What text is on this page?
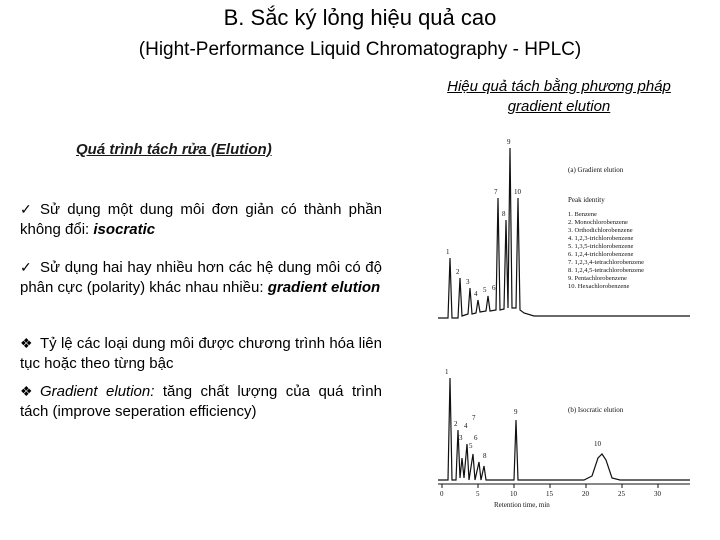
B. Sắc ký lỏng hiệu quả cao
(Hight-Performance Liquid Chromatography - HPLC)
Hiệu quả tách bằng phương pháp gradient elution
Quá trình tách rửa (Elution)
✓ Sử dụng một dung môi đơn giản có thành phần không đổi: isocratic
✓ Sử dụng hai hay nhiều hơn các hệ dung môi có độ phân cực (polarity) khác nhau nhiều: gradient elution
❖ Tỷ lệ các loại dung môi được chương trình hóa liên tục hoặc theo từng bậc
❖ Gradient elution: tăng chất lượng của quá trình tách (improve seperation efficiency)
(a) Gradient elution
Peak identity
1. Benzene
2. Monochlorobenzene
3. Orthodichlorobenzene
4. 1,2,3-trichlorobenzene
5. 1,3,5-trichlorobenzene
6. 1,2,4-trichlorobenzene
7. 1,2,3,4-tetrachlorobenzene
8. 1,2,4,5-tetrachlorobenzene
9. Pentachlorobenzene
10. Hexachlorobenzene
1
2
3
4 5 6
7
8
9
10
(b) Isocratic elution
1
2
3
4
5
6
7
8
9
10
0	5	10	15	20	25	30
Retention time, min
